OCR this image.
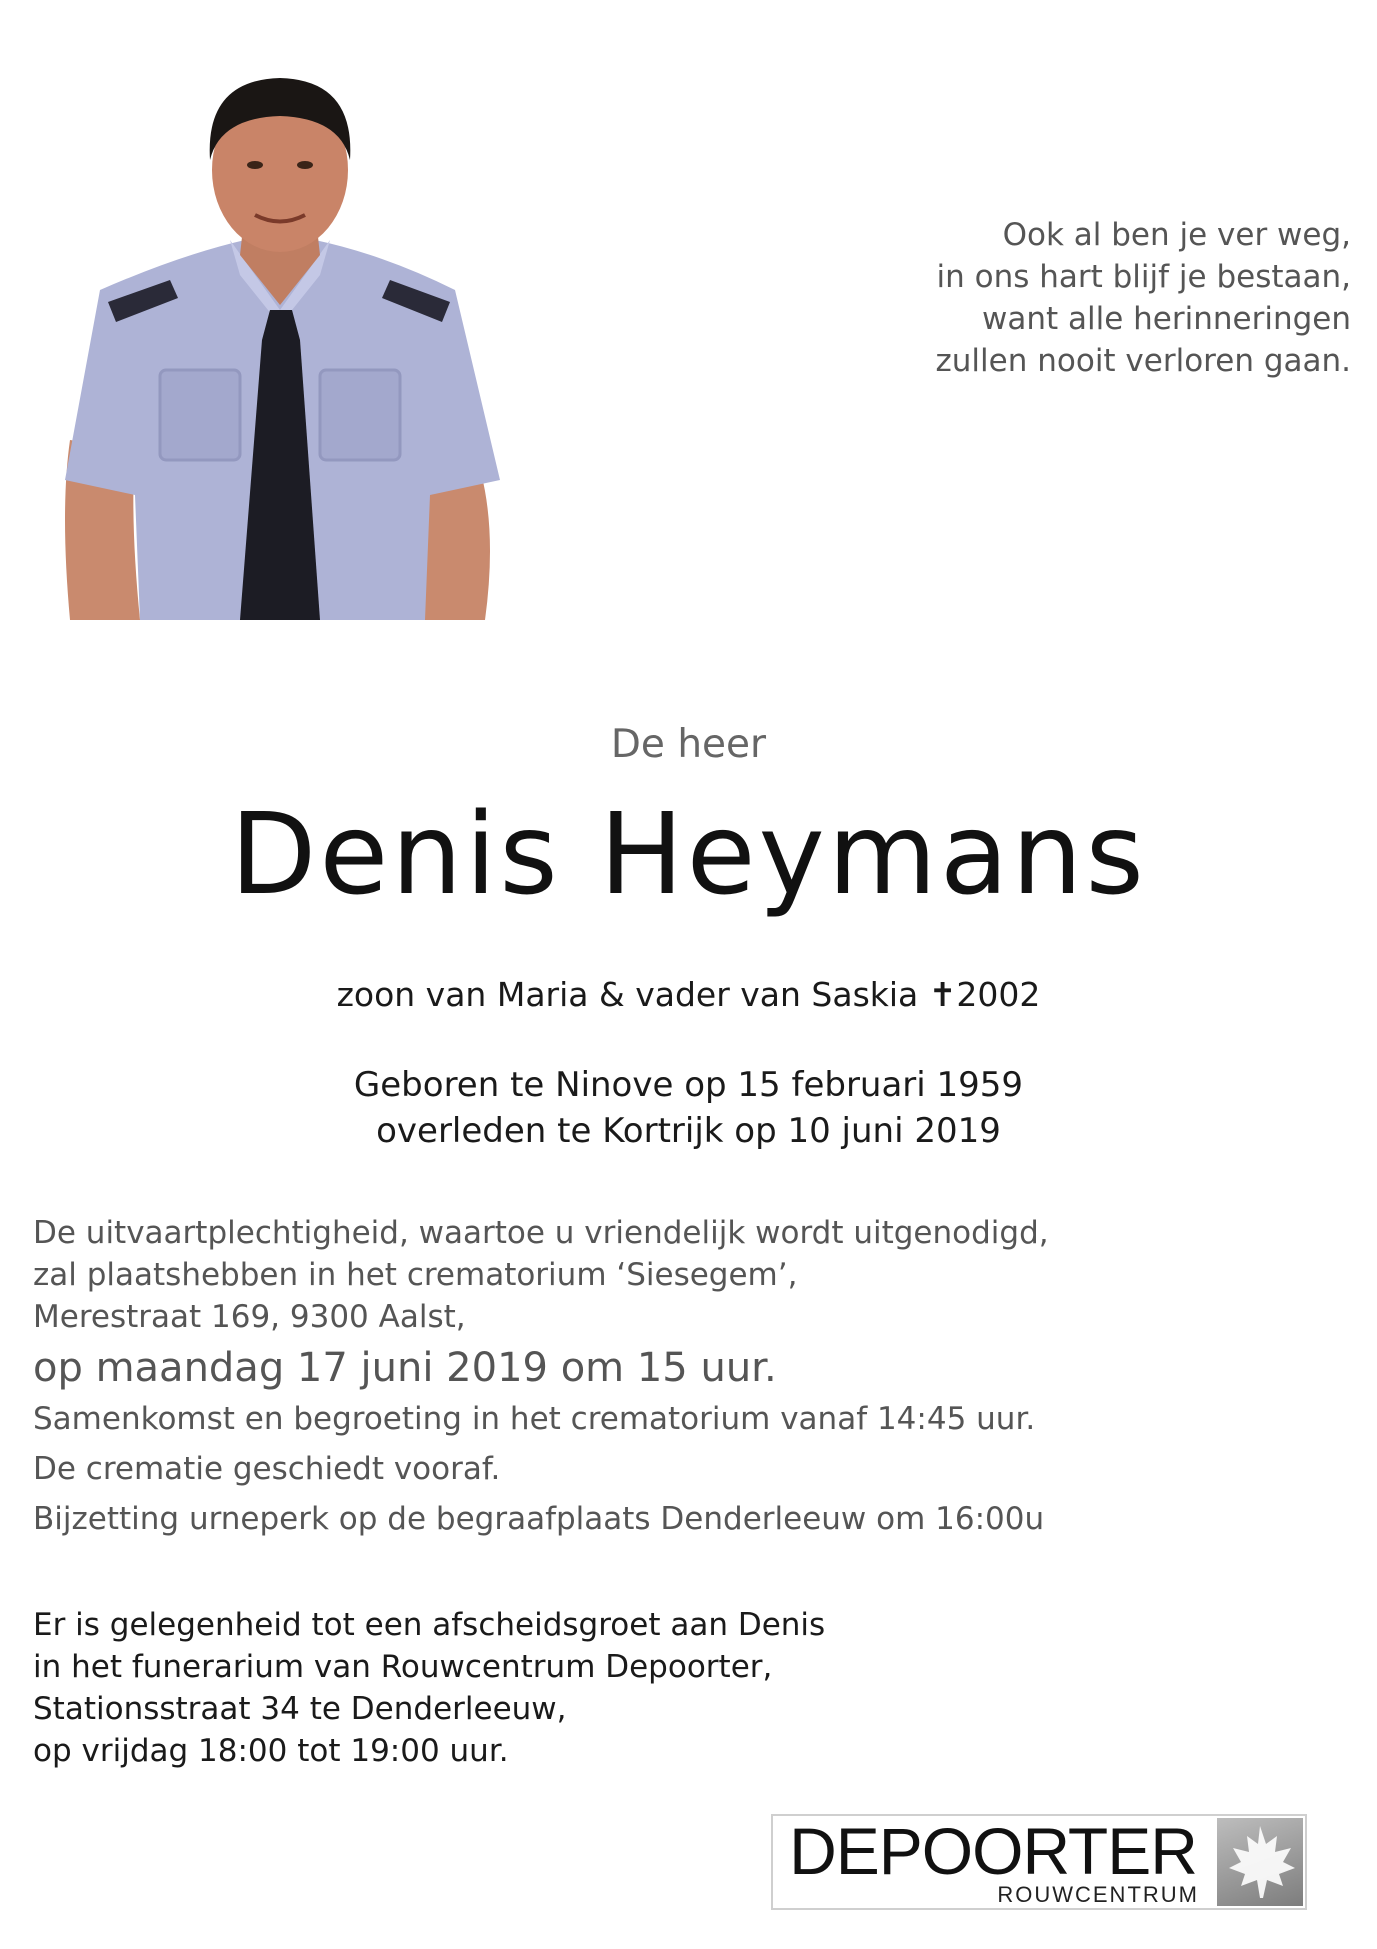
Ook al ben je ver weg,
in ons hart blijf je bestaan,
want alle herinneringen
zullen nooit verloren gaan.
De heer
Denis Heymans
zoon van Maria & vader van Saskia ✝2002
Geboren te Ninove op 15 februari 1959
overleden te Kortrijk op 10 juni 2019
De uitvaartplechtigheid, waartoe u vriendelijk wordt uitgenodigd,
zal plaatshebben in het crematorium ‘Siesegem’,
Merestraat 169, 9300 Aalst,
op maandag 17 juni 2019 om 15 uur.
Samenkomst en begroeting in het crematorium vanaf 14:45 uur.
De crematie geschiedt vooraf.
Bijzetting urneperk op de begraafplaats Denderleeuw om 16:00u
Er is gelegenheid tot een afscheidsgroet aan Denis
in het funerarium van Rouwcentrum Depoorter,
Stationsstraat 34 te Denderleeuw,
op vrijdag 18:00 tot 19:00 uur.
DEPOORTER
ROUWCENTRUM
